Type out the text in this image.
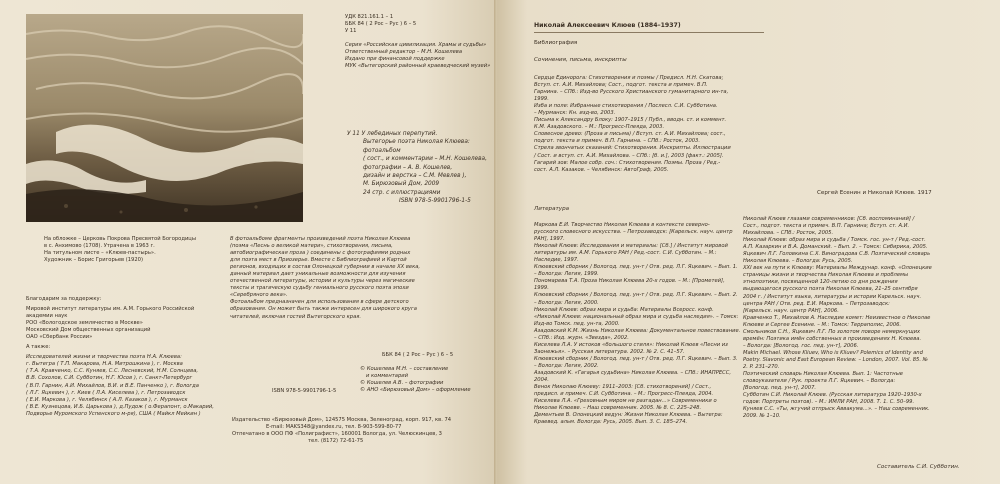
УДК 821.161.1 – 1
ББК 84 ( 2 Рос – Рус ) 6 – 5
У 11
Серия «Российская цивилизация. Храмы и судьбы»
Ответственный редактор – М.Н. Кошелева
Издано при финансовой поддержке
МУК «Вытегорский районный краеведческий музей»
У 11 У лебединых перепутий.
Вытегорье поэта Николая Клюева:
фотоальбом
( сост., и комментарии – М.Н. Кошелева,
фотографии – А. В. Кошелев,
дизайн и верстка – С.М. Мевлев ),
М. Бирюзовый Дом, 2009
24 стр. с иллюстрациями
ISBN 978-5-9901796-1-5
На обложке – Церковь Покрова Пресвятой Богородицы
в с. Анхимово (1708). Утрачена в 1963 г.
На титульном листе – «Клюев-пастырь».
Художник – Борис Григорьев (1920)
Благодарим за поддержку:
Мировой институт литературы им. А.М. Горького Российской
академии наук
РОО «Вологодское землячество в Москве»
Московский Дом общественных организаций
ОАО «Сбербанк России»
А также:
Исследователей жизни и творчества поэта Н.А. Клюева:
г. Вытегра ( Т.П. Макарова, Н.А. Митрошкина ), г. Москва
( Т.А. Кравченко, С.С. Куняев, С.С. Лесневский, Н.М. Солнцева,
В.В. Сохолов, С.И. Субботин, Н.Г. Юсов ), г. Санкт-Петербург
( В.П. Гарнин, А.И. Михайлов, В.И. и В.Е. Панченко ), г. Вологда
( Л.Г. Яцкевич ), г. Киев ( Л.А. Киселева ), г. Петрозаводск
( Е.И. Маркова ), г. Челябинск ( А.Л. Казаков ), г. Мурманск
( В.Е. Кузнецова, И.Б. Царькова ), д.Пудож ( о.Ферапонт, о.Макарий,
Подворье Муромского Успенского м-ря), США ( Майкл Мейкин )
В фотоальбоме фрагменты произведений поэта Николая Клюева
(поэма «Песнь о великой матери», стихотворения, письма,
автобиографическая проза ) соединены с фотографиями родных
для поэта мест в Приозерье. Вместе с Библиографией и Картой
регионов, входящих в состав Олонецкой губернии в начале XX века,
данный материал дает уникальные возможности для изучения
отечественной литературы, истории и культуры через магические
тексты и трагическую судьбу гениального русского поэта эпохи
«Серебряного века».
Фотоальбом предназначен для использования в сфере детского
образования. Он может быть также интересен для широкого круга
читателей, включая гостей Вытегорского края.
ББК 84 ( 2 Рос – Рус ) 6 – 5
ISBN 978-5-9901796-1-5
© Кошелева М.Н. – составление
и комментарий
© Кошелев А.В. – фотографии
© АНО «Бирюзовый Дом» – оформление
Издательство «Бирюзовый Дом», 124575 Москва, Зеленоград, корп. 917, кв. 74
E-mail: MAKS348@yandex.ru, тел. 8-903-599-80-77
Отпечатано в ООО ПФ «Полиграфист», 160001 Вологда, ул. Челюскинцев, 3
тел. (8172) 72-61-75
Николай Алексеевич Клюев (1884–1937)
Библиография
Сочинения, письма, инскрипты
Сердце Единорога: Стихотворения и поэмы / Предисл. Н.Н. Скатова;
Вступ. ст. А.И. Михайлова; Сост., подгот. текста и примеч. В.П.
Гарнина. – СПб.: Изд-во Русского Христианского гуманитарного ин-та,
1999.
Изба и поле: Избранные стихотворения / Послесл. С.И. Субботина.
– Мурманск: Кн. изд-во, 2003.
Письма к Александру Блоку: 1907–1915 / Публ., вводн. ст. и коммент.
К.М. Азадовского. – М.: Прогресс-Плеяда, 2003.
Словесное древо: (Проза и письма) / Вступ. ст. А.И. Михайлова; сост.,
подгот. текста и примеч. В.П. Гарнина. – СПб.: Росток, 2003.
Стрела звончатых сказаний: Стихотворения. Инскрипты. Иллюстрации
/ Сост. и вступ. ст. А.И. Михайлова. – СПб.: [б. и.], 2003 [факт.: 2005].
Гагарий зов: Малое собр. соч.: Стихотворения. Поэмы. Проза / Ред.-
сост. А.Л. Казаков. – Челябинск: АвтоГраф, 2005.
Литература
Маркова Е.И. Творчество Николая Клюева в контексте северно-
русского словесного искусства. – Петрозаводск: [Карельск. науч. центр
РАН], 1997.
Николай Клюев: Исследования и материалы: [Сб.] / Институт мировой
литературы им. А.М. Горького РАН / Ред.-сост. С.И. Субботин. – М.:
Наследие, 1997.
Клюевский сборник / Вологод. пед. ун-т / Отв. ред. Л.Г. Яцкевич. – Вып. 1.
– Вологда: Легия, 1999.
Пономарева Т.А. Проза Николая Клюева 20-х годов. – М.: [Прометей],
1999.
Клюевский сборник / Вологод. пед. ун-т / Отв. ред. Л.Г. Яцкевич. – Вып. 2.
– Вологда: Легия, 2000.
Николай Клюев: образ мира и судьба: Материалы Всеросс. конф.
«Николай Клюев: национальный образ мира и судьба наследия». – Томск:
Изд-во Томск. пед. ун-та, 2000.
Азадовский К.М. Жизнь Николая Клюева: Документальное повествование.
– СПб.: Изд. журн. «Звезда», 2002.
Киселева Л.А. У истоков «большого стиля»: Николай Клюев «Песни из
Заонежья». – Русская литература. 2002. № 2. С. 41–57.
Клюевский сборник / Вологод. пед. ун-т / Отв. ред. Л.Г. Яцкевич. – Вып. 3.
– Вологда: Легия, 2002.
Азадовский К. «Гагарья судьбина» Николая Клюева. – СПб.: ИНАПРЕСС,
2004.
Венок Николаю Клюеву: 1911–2003: [Сб. стихотворений] / Сост.,
предисл. и примеч. С.И. Субботина. – М.: Прогресс-Плеяда, 2004.
Киселева Л.А. «Греховным миром не разгадан…» Современники о
Николае Клюеве. – Наш современник. 2005. № 8. С. 225–248.
Дементьев В. Олонецкий ведун: Жизни Николая Клюева. – Вытегра:
Краевед. альм. Вологда: Русь, 2005. Вып. 3. С. 185–274.
Сергей Есенин и Николай Клюев. 1917
Николай Клюев глазами современников: [Сб. воспоминаний] /
Сост., подгот. текста и примеч. В.П. Гарнина; Вступ. ст. А.И.
Михайлова. – СПб.: Росток, 2005.
Николай Клюев: образ мира и судьба / Томск. гос. ун-т / Ред.-сост.
А.П. Казаркин и В.А. Доманский. – Вып. 2. – Томск: Сибирика, 2005.
Яцкевич Л.Г. Головкина С.Х. Виноградова С.В. Поэтический словарь
Николая Клюева. – Вологда: Русь, 2005.
XXI век на пути к Клюеву: Материалы Междунар. конф. «Олонецкие
страницы жизни и творчества Николая Клюева и проблемы
этнопоэтики, посвященной 120-летию со дня рождения
выдающегося русского поэта Николая Клюева, 21–25 сентября
2004 г. / Институт языка, литературы и истории Карельск. науч.
центра РАН / Отв. ред. Е.И. Маркова. – Петрозаводск:
[Карельск. науч. центр РАН], 2006.
Кравченко Т., Михайлов А. Наследие комет: Неизвестное о Николае
Клюеве и Сергее Есенине. – М.: Томск: Терраполис, 2006.
Смольников С.Н., Яцкевич Л.Г. По золотом поворе немеркнущих
времён: Поэтика имён собственных в произведениях Н. Клюева.
– Вологда: [Вологод. гос. пед. ун-т], 2006.
Makin Michael. Whose Kliuev, Who is Kliuev? Polemics of Identity and
Poetry. Slavonic and East European Review. – London, 2007. Vol. 85. №
2. P. 231–270.
Поэтический словарь Николая Клюева. Вып. 1: Частотные
словоуказатели / Рук. проекта Л.Г. Яцкевич. – Вологда:
[Вологод. пед. ун-т], 2007.
Субботин С.И. Николай Клюев. (Русская литература 1920–1930-х
годов: Портреты поэтов). – М.: ИМЛИ РАН, 2008. Т. 1. С. 50–99.
Куняев С.С. «Ты, жгучий отпрыск Аввакума…». – Наш современник.
2009. № 1–10.
Составитель С.И. Субботин.
